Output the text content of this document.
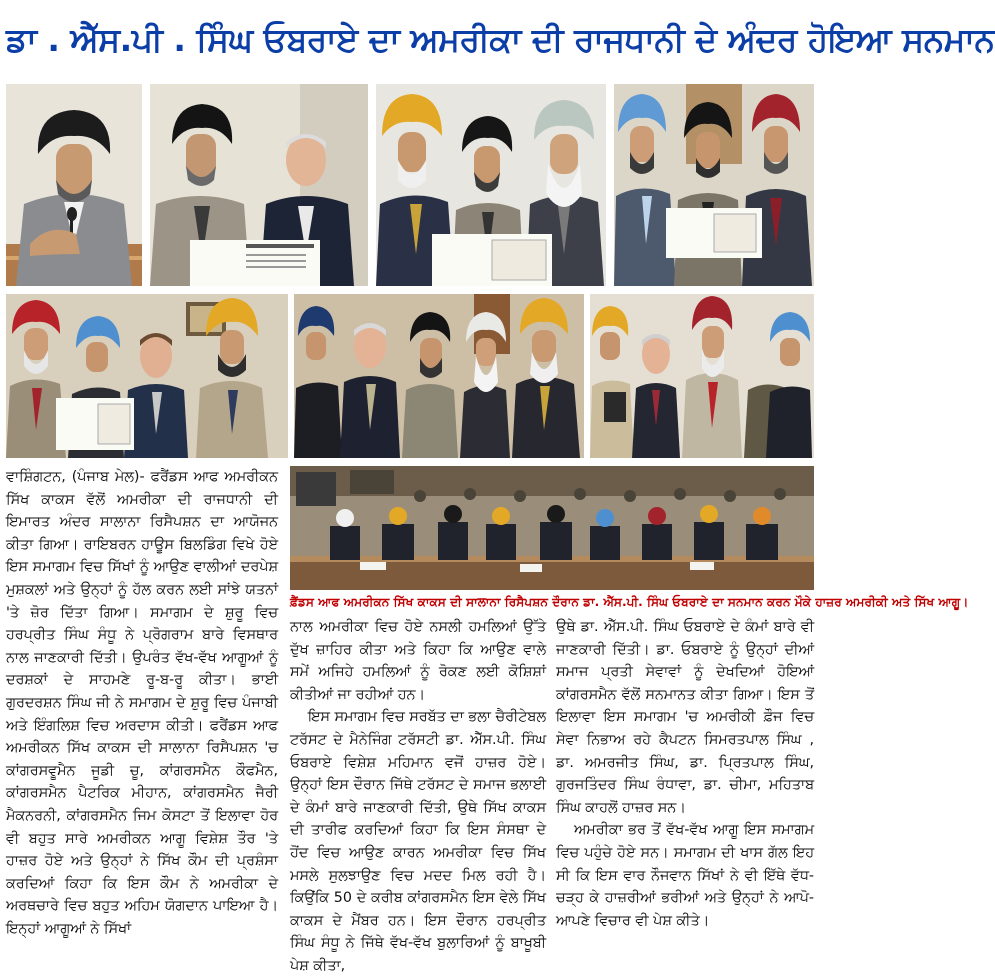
ਡਾ . ਐੱਸ.ਪੀ . ਸਿੰਘ ਓਬਰਾਏ ਦਾ ਅਮਰੀਕਾ ਦੀ ਰਾਜਧਾਨੀ ਦੇ ਅੰਦਰ ਹੋਇਆ ਸਨਮਾਨ
ਫ਼ੈਂਡਸ ਆਫ ਅਮਰੀਕਨ ਸਿੱਖ ਕਾਕਸ ਦੀ ਸਾਲਾਨਾ ਰਿਸੈਪਸ਼ਨ ਦੌਰਾਨ ਡਾ. ਐੱਸ.ਪੀ. ਸਿੰਘ ਓਬਰਾਏ ਦਾ ਸਨਮਾਨ ਕਰਨ ਮੌਕੇ ਹਾਜ਼ਰ ਅਮਰੀਕੀ ਅਤੇ ਸਿੱਖ ਆਗੂ।

ਵਾਸ਼ਿੰਗਟਨ, (ਪੰਜਾਬ ਮੇਲ)- ਫਰੈਂਡਸ ਆਫ ਅਮਰੀਕਨ ਸਿੱਖ ਕਾਕਸ ਵੱਲੋਂ ਅਮਰੀਕਾ ਦੀ ਰਾਜਧਾਨੀ ਦੀ ਇਮਾਰਤ ਅੰਦਰ ਸਾਲਾਨਾ ਰਿਸੈਪਸ਼ਨ ਦਾ ਆਯੋਜਨ ਕੀਤਾ ਗਿਆ। ਰਾਇਬਰਨ ਹਾਊਸ ਬਿਲਡਿੰਗ ਵਿਖੇ ਹੋਏ ਇਸ ਸਮਾਗਮ ਵਿਚ ਸਿੱਖਾਂ ਨੂੰ ਆਉਣ ਵਾਲੀਆਂ ਦਰਪੇਸ਼ ਮੁਸ਼ਕਲਾਂ ਅਤੇ ਉਨ੍ਹਾਂ ਨੂੰ ਹੱਲ ਕਰਨ ਲਈ ਸਾਂਝੇ ਯਤਨਾਂ 'ਤੇ ਜ਼ੋਰ ਦਿੱਤਾ ਗਿਆ। ਸਮਾਗਮ ਦੇ ਸ਼ੁਰੂ ਵਿਚ ਹਰਪ੍ਰੀਤ ਸਿੰਘ ਸੰਧੂ ਨੇ ਪ੍ਰੋਗਰਾਮ ਬਾਰੇ ਵਿਸਥਾਰ ਨਾਲ ਜਾਣਕਾਰੀ ਦਿੱਤੀ। ਉਪਰੰਤ ਵੱਖ-ਵੱਖ ਆਗੂਆਂ ਨੂੰ ਦਰਸ਼ਕਾਂ ਦੇ ਸਾਹਮਣੇ ਰੂ-ਬ-ਰੂ ਕੀਤਾ। ਭਾਈ ਗੁਰਦਰਸ਼ਨ ਸਿੰਘ ਜੀ ਨੇ ਸਮਾਗਮ ਦੇ ਸ਼ੁਰੂ ਵਿਚ ਪੰਜਾਬੀ ਅਤੇ ਇੰਗਲਿਸ਼ ਵਿਚ ਅਰਦਾਸ ਕੀਤੀ। ਫਰੈਂਡਸ ਆਫ ਅਮਰੀਕਨ ਸਿੱਖ ਕਾਕਸ ਦੀ ਸਾਲਾਨਾ ਰਿਸੈਪਸ਼ਨ 'ਚ ਕਾਂਗਰਸਵੂਮੈਨ ਜੂਡੀ ਚੂ, ਕਾਂਗਰਸਮੈਨ ਕੌਫਮੈਨ, ਕਾਂਗਰਸਮੈਨ ਪੈਟਰਿਕ ਮੀਹਾਨ, ਕਾਂਗਰਸਮੈਨ ਜੈਰੀ ਮੈਕਨਰਨੀ, ਕਾਂਗਰਸਮੈਨ ਜਿਮ ਕੋਸਟਾ ਤੋਂ ਇਲਾਵਾ ਹੋਰ ਵੀ ਬਹੁਤ ਸਾਰੇ ਅਮਰੀਕਨ ਆਗੂ ਵਿਸ਼ੇਸ਼ ਤੌਰ 'ਤੇ ਹਾਜ਼ਰ ਹੋਏ ਅਤੇ ਉਨ੍ਹਾਂ ਨੇ ਸਿੱਖ ਕੌਮ ਦੀ ਪ੍ਰਸ਼ੰਸਾ ਕਰਦਿਆਂ ਕਿਹਾ ਕਿ ਇਸ ਕੌਮ ਨੇ ਅਮਰੀਕਾ ਦੇ ਅਰਥਚਾਰੇ ਵਿਚ ਬਹੁਤ ਅਹਿਮ ਯੋਗਦਾਨ ਪਾਇਆ ਹੈ। ਇਨ੍ਹਾਂ ਆਗੂਆਂ ਨੇ ਸਿੱਖਾਂ

ਨਾਲ ਅਮਰੀਕਾ ਵਿਚ ਹੋਏ ਨਸਲੀ ਹਮਲਿਆਂ ਉੱਤੇ ਦੁੱਖ ਜ਼ਾਹਿਰ ਕੀਤਾ ਅਤੇ ਕਿਹਾ ਕਿ ਆਉਣ ਵਾਲੇ ਸਮੇਂ ਅਜਿਹੇ ਹਮਲਿਆਂ ਨੂੰ ਰੋਕਣ ਲਈ ਕੋਸ਼ਿਸ਼ਾਂ ਕੀਤੀਆਂ ਜਾ ਰਹੀਆਂ ਹਨ।

ਇਸ ਸਮਾਗਮ ਵਿਚ ਸਰਬੱਤ ਦਾ ਭਲਾ ਚੈਰੀਟੇਬਲ ਟਰੱਸਟ ਦੇ ਮੈਨੇਜਿੰਗ ਟਰੱਸਟੀ ਡਾ. ਐੱਸ.ਪੀ. ਸਿੰਘ ਓਬਰਾਏ ਵਿਸ਼ੇਸ਼ ਮਹਿਮਾਨ ਵਜੋਂ ਹਾਜ਼ਰ ਹੋਏ। ਉਨ੍ਹਾਂ ਇਸ ਦੌਰਾਨ ਜਿੱਥੇ ਟਰੱਸਟ ਦੇ ਸਮਾਜ ਭਲਾਈ ਦੇ ਕੰਮਾਂ ਬਾਰੇ ਜਾਣਕਾਰੀ ਦਿੱਤੀ, ਉਥੇ ਸਿੱਖ ਕਾਕਸ ਦੀ ਤਾਰੀਫ ਕਰਦਿਆਂ ਕਿਹਾ ਕਿ ਇਸ ਸੰਸਥਾ ਦੇ ਹੋਂਦ ਵਿਚ ਆਉਣ ਕਾਰਨ ਅਮਰੀਕਾ ਵਿਚ ਸਿੱਖ ਮਸਲੇ ਸੁਲਝਾਉਣ ਵਿਚ ਮਦਦ ਮਿਲ ਰਹੀ ਹੈ। ਕਿਉਂਕਿ 50 ਦੇ ਕਰੀਬ ਕਾਂਗਰਸਮੈਨ ਇਸ ਵੇਲੇ ਸਿੱਖ ਕਾਕਸ ਦੇ ਮੈਂਬਰ ਹਨ। ਇਸ ਦੌਰਾਨ ਹਰਪ੍ਰੀਤ ਸਿੰਘ ਸੰਧੂ ਨੇ ਜਿੱਥੇ ਵੱਖ-ਵੱਖ ਬੁਲਾਰਿਆਂ ਨੂੰ ਬਾਖੂਬੀ ਪੇਸ਼ ਕੀਤਾ,

ਉਥੇ ਡਾ. ਐੱਸ.ਪੀ. ਸਿੰਘ ਓਬਰਾਏ ਦੇ ਕੰਮਾਂ ਬਾਰੇ ਵੀ ਜਾਣਕਾਰੀ ਦਿੱਤੀ। ਡਾ. ਓਬਰਾਏ ਨੂੰ ਉਨ੍ਹਾਂ ਦੀਆਂ ਸਮਾਜ ਪ੍ਰਤੀ ਸੇਵਾਵਾਂ ਨੂੰ ਦੇਖਦਿਆਂ ਹੋਇਆਂ ਕਾਂਗਰਸਮੈਨ ਵੱਲੋਂ ਸਨਮਾਨਤ ਕੀਤਾ ਗਿਆ। ਇਸ ਤੋਂ ਇਲਾਵਾ ਇਸ ਸਮਾਗਮ 'ਚ ਅਮਰੀਕੀ ਫ਼ੌਜ ਵਿਚ ਸੇਵਾ ਨਿਭਾਅ ਰਹੇ ਕੈਪਟਨ ਸਿਮਰਤਪਾਲ ਸਿੰਘ , ਡਾ. ਅਮਰਜੀਤ ਸਿੰਘ, ਡਾ. ਪ੍ਰਿਤਪਾਲ ਸਿੰਘ, ਗੁਰਜਤਿੰਦਰ ਸਿੰਘ ਰੰਧਾਵਾ, ਡਾ. ਚੀਮਾ, ਮਹਿਤਾਬ ਸਿੰਘ ਕਾਹਲੋਂ ਹਾਜ਼ਰ ਸਨ।

ਅਮਰੀਕਾ ਭਰ ਤੋਂ ਵੱਖ-ਵੱਖ ਆਗੂ ਇਸ ਸਮਾਗਮ ਵਿਚ ਪਹੁੰਚੇ ਹੋਏ ਸਨ। ਸਮਾਗਮ ਦੀ ਖਾਸ ਗੱਲ ਇਹ ਸੀ ਕਿ ਇਸ ਵਾਰ ਨੌਜਵਾਨ ਸਿੱਖਾਂ ਨੇ ਵੀ ਇੱਥੇ ਵੱਧ-ਚੜ੍ਹ ਕੇ ਹਾਜ਼ਰੀਆਂ ਭਰੀਆਂ ਅਤੇ ਉਨ੍ਹਾਂ ਨੇ ਆਪੋ-ਆਪਣੇ ਵਿਚਾਰ ਵੀ ਪੇਸ਼ ਕੀਤੇ।
